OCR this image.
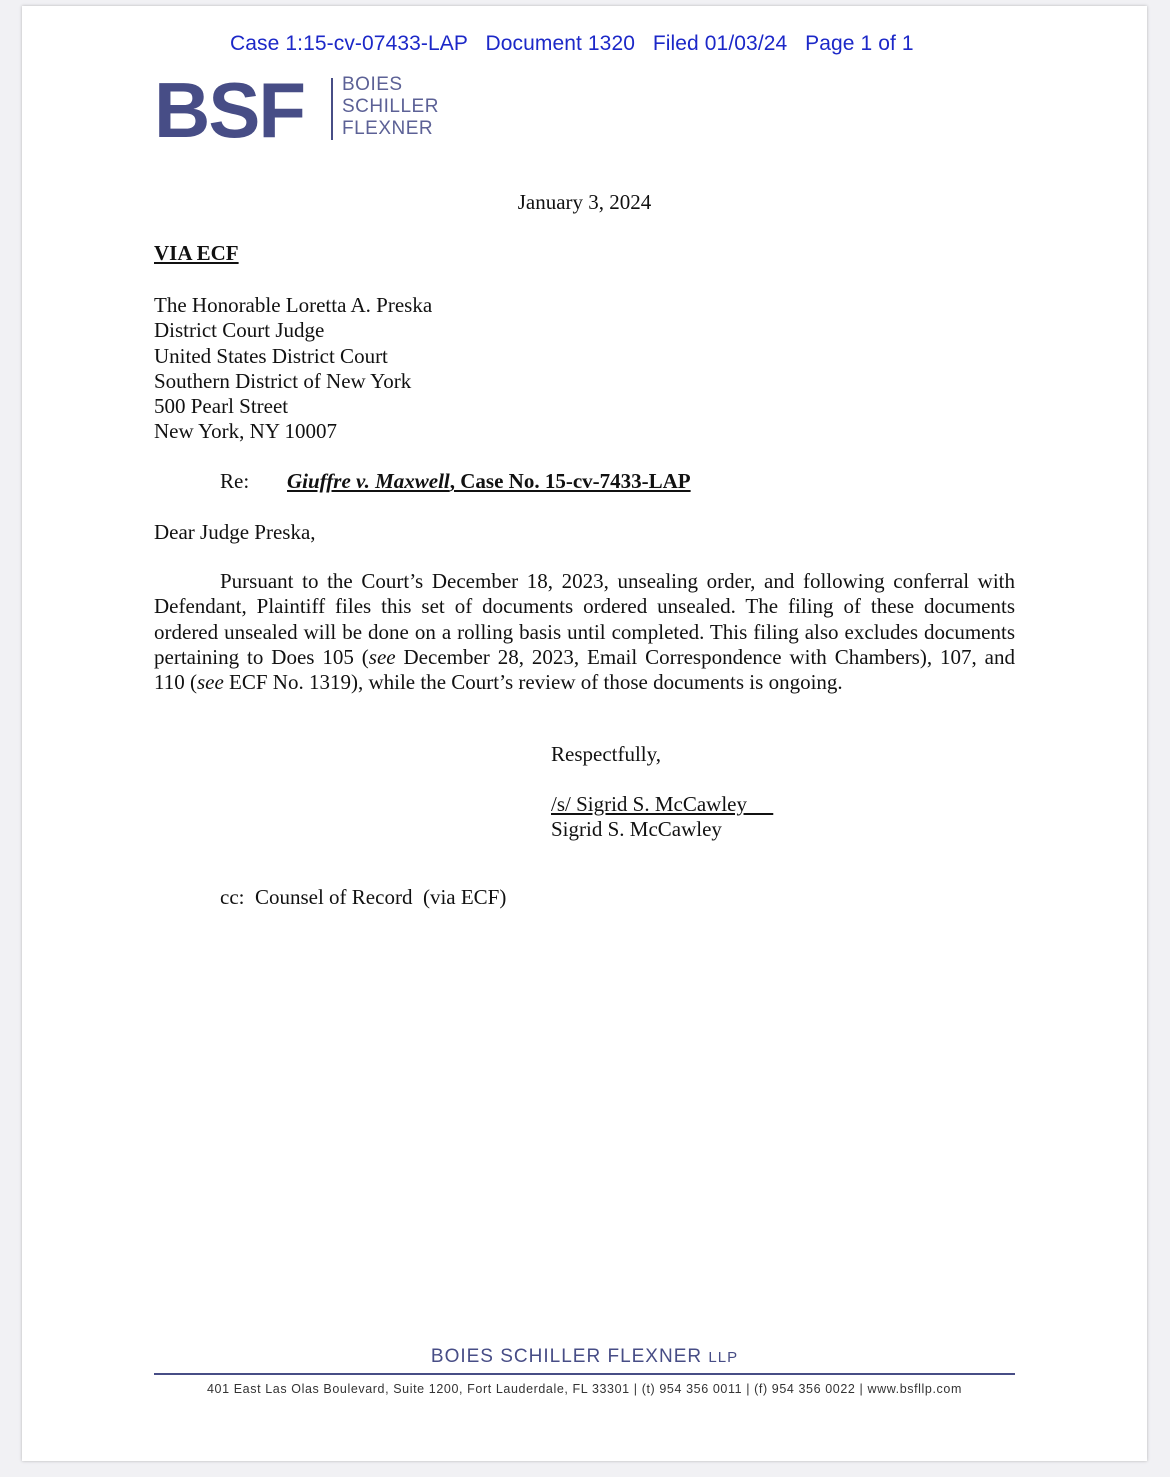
Case 1:15-cv-07433-LAP Document 1320 Filed 01/03/24 Page 1 of 1
BSF BOIES
SCHILLER
FLEXNER
January 3, 2024
VIA ECF
The Honorable Loretta A. Preska
District Court Judge
United States District Court
Southern District of New York
500 Pearl Street
New York, NY 10007
Re: Giuffre v. Maxwell, Case No. 15-cv-7433-LAP
Dear Judge Preska,
Pursuant to the Court’s December 18, 2023, unsealing order, and following conferral with Defendant, Plaintiff files this set of documents ordered unsealed. The filing of these documents ordered unsealed will be done on a rolling basis until completed. This filing also excludes documents pertaining to Does 105 (see December 28, 2023, Email Correspondence with Chambers), 107, and 110 (see ECF No. 1319), while the Court’s review of those documents is ongoing.
Respectfully,
/s/ Sigrid S. McCawley
Sigrid S. McCawley
cc:  Counsel of Record  (via ECF)
BOIES SCHILLER FLEXNER LLP
401 East Las Olas Boulevard, Suite 1200, Fort Lauderdale, FL 33301 | (t) 954 356 0011 | (f) 954 356 0022 | www.bsfllp.com
